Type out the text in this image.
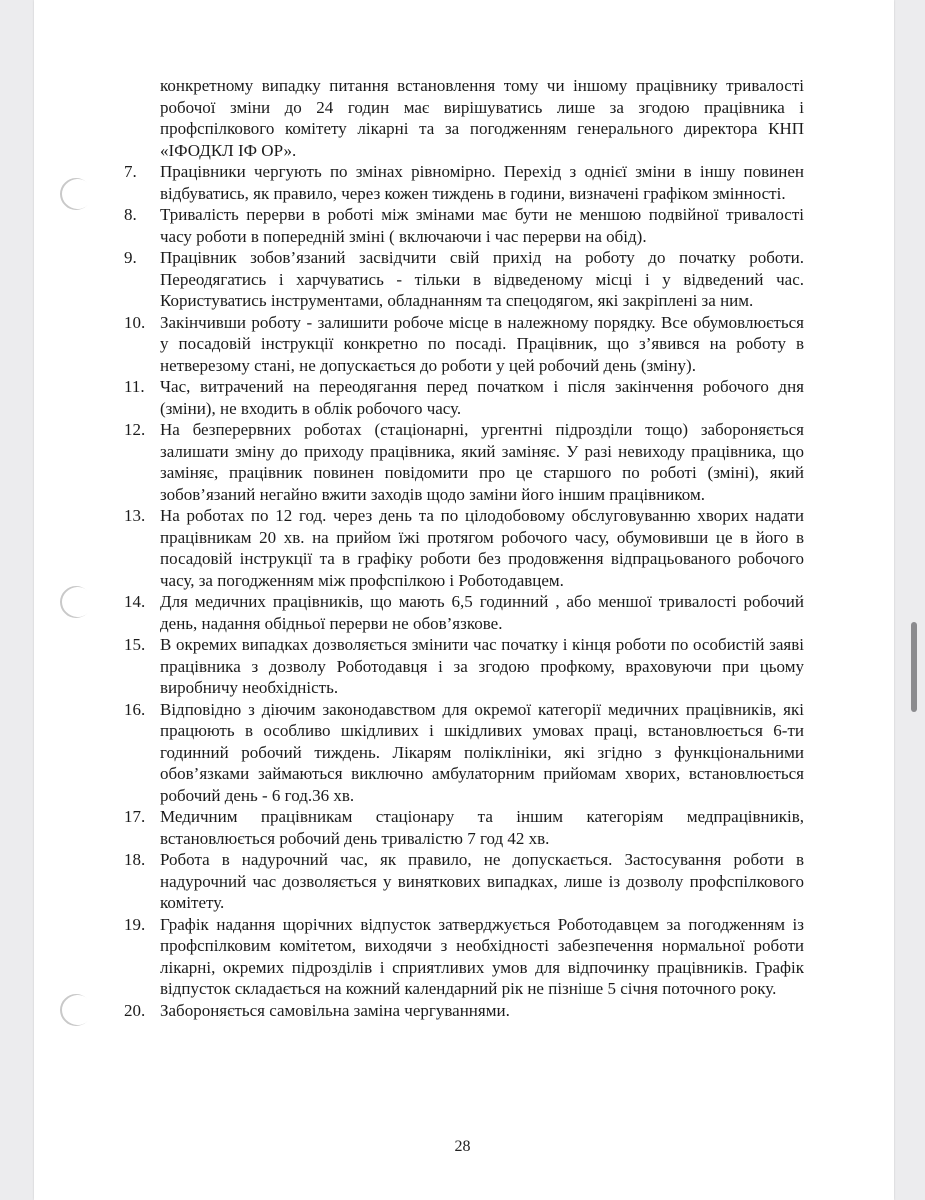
конкретному випадку питання встановлення тому чи іншому працівнику тривалості робочої зміни до 24 годин має вирішуватись лише за згодою працівника і профспілкового комітету лікарні та за погодженням генерального директора КНП «ІФОДКЛ ІФ ОР».
7.	Працівники чергують по змінах рівномірно. Перехід з однієї зміни в іншу повинен відбуватись, як правило, через кожен тиждень в години, визначені графіком змінності.
8.	Тривалість перерви в роботі між змінами має бути не меншою подвійної тривалості часу роботи в попередній зміні ( включаючи і час перерви на обід).
9.	Працівник зобов’язаний засвідчити свій прихід на роботу до початку роботи. Переодягатись і харчуватись - тільки в відведеному місці і у відведений час. Користуватись інструментами, обладнанням та спецодягом, які закріплені за ним.
10. Закінчивши роботу - залишити робоче місце в належному порядку. Все обумовлюється у посадовій інструкції конкретно по посаді. Працівник, що з’явився на роботу в нетверезому стані, не допускається до роботи у цей робочий день (зміну).
11. Час, витрачений на переодягання перед початком і після закінчення робочого дня (зміни), не входить в облік робочого часу.
12. На безперервних роботах (стаціонарні, ургентні підрозділи тощо) забороняється залишати зміну до приходу працівника, який заміняє. У разі невиходу працівника, що заміняє, працівник повинен повідомити про це старшого по роботі (зміні), який зобов’язаний негайно вжити заходів щодо заміни його іншим працівником.
13. На роботах по 12 год. через день та по цілодобовому обслуговуванню хворих надати працівникам 20 хв. на прийом їжі протягом робочого часу, обумовивши це в його в посадовій інструкції та в графіку роботи без продовження відпрацьованого робочого часу, за погодженням між профспілкою і Роботодавцем.
14. Для медичних працівників, що мають 6,5 годинний , або меншої тривалості робочий день, надання обідньої перерви не обов’язкове.
15. В окремих випадках дозволяється змінити час початку і кінця роботи по особистій заяві працівника з дозволу Роботодавця і за згодою профкому, враховуючи при цьому виробничу необхідність.
16. Відповідно з діючим законодавством для окремої категорії медичних працівників, які працюють в особливо шкідливих і шкідливих умовах праці, встановлюється 6-ти годинний робочий тиждень. Лікарям поліклініки, які згідно з функціональними обов’язками займаються виключно амбулаторним прийомам хворих, встановлюється робочий день - 6 год.36 хв.
17. Медичним працівникам стаціонару та іншим категоріям медпрацівників, встановлюється робочий день тривалістю 7 год 42 хв.
18. Робота в надурочний час, як правило, не допускається. Застосування роботи в надурочний час дозволяється у виняткових випадках, лише із дозволу профспілкового комітету.
19. Графік надання щорічних відпусток затверджується Роботодавцем за погодженням із профспілковим комітетом, виходячи з необхідності забезпечення нормальної роботи лікарні, окремих підрозділів і сприятливих умов для відпочинку працівників. Графік відпусток складається на кожний календарний рік не пізніше 5 січня поточного року.
20. Забороняється самовільна заміна чергуваннями.
28
